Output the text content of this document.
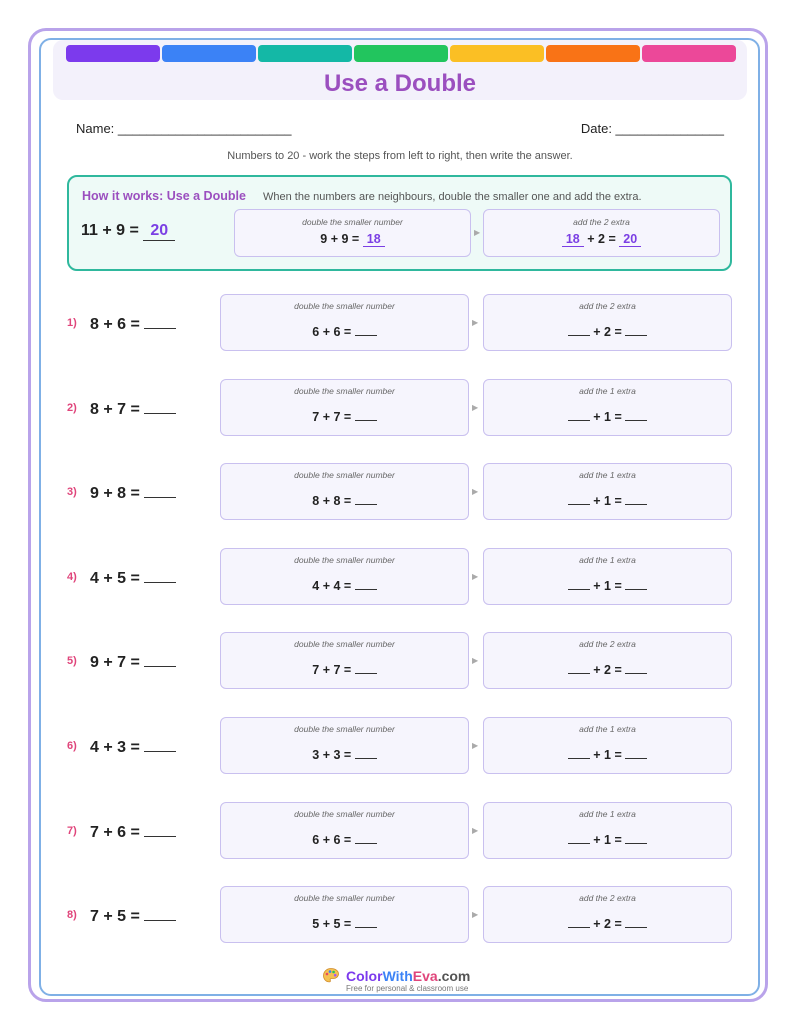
Use a Double
Name: ________________________	Date: _______________
Numbers to 20 - work the steps from left to right, then write the answer.
How it works: Use a Double When the numbers are neighbours, double the smaller one and add the extra.
11 + 9 = 20	double the smaller number
9 + 9 = 18	▶
add the 2 extra
18 + 2 = 20
1) 8 + 6 =
double the smaller number
6 + 6 =
▶
add the 2 extra
+ 2 =
2) 8 + 7 =
double the smaller number
7 + 7 =
▶
add the 1 extra
+ 1 =
3) 9 + 8 =
double the smaller number
8 + 8 =
▶
add the 1 extra
+ 1 =
4) 4 + 5 =
double the smaller number
4 + 4 =
▶
add the 1 extra
+ 1 =
5) 9 + 7 =
double the smaller number
7 + 7 =
▶
add the 2 extra
+ 2 =
6) 4 + 3 =
double the smaller number
3 + 3 =
▶
add the 1 extra
+ 1 =
7) 7 + 6 =
double the smaller number
6 + 6 =
▶
add the 1 extra
+ 1 =
8) 7 + 5 =
double the smaller number
5 + 5 =
▶
add the 2 extra
+ 2 =
Color With Eva .com
Free for personal & classroom use
